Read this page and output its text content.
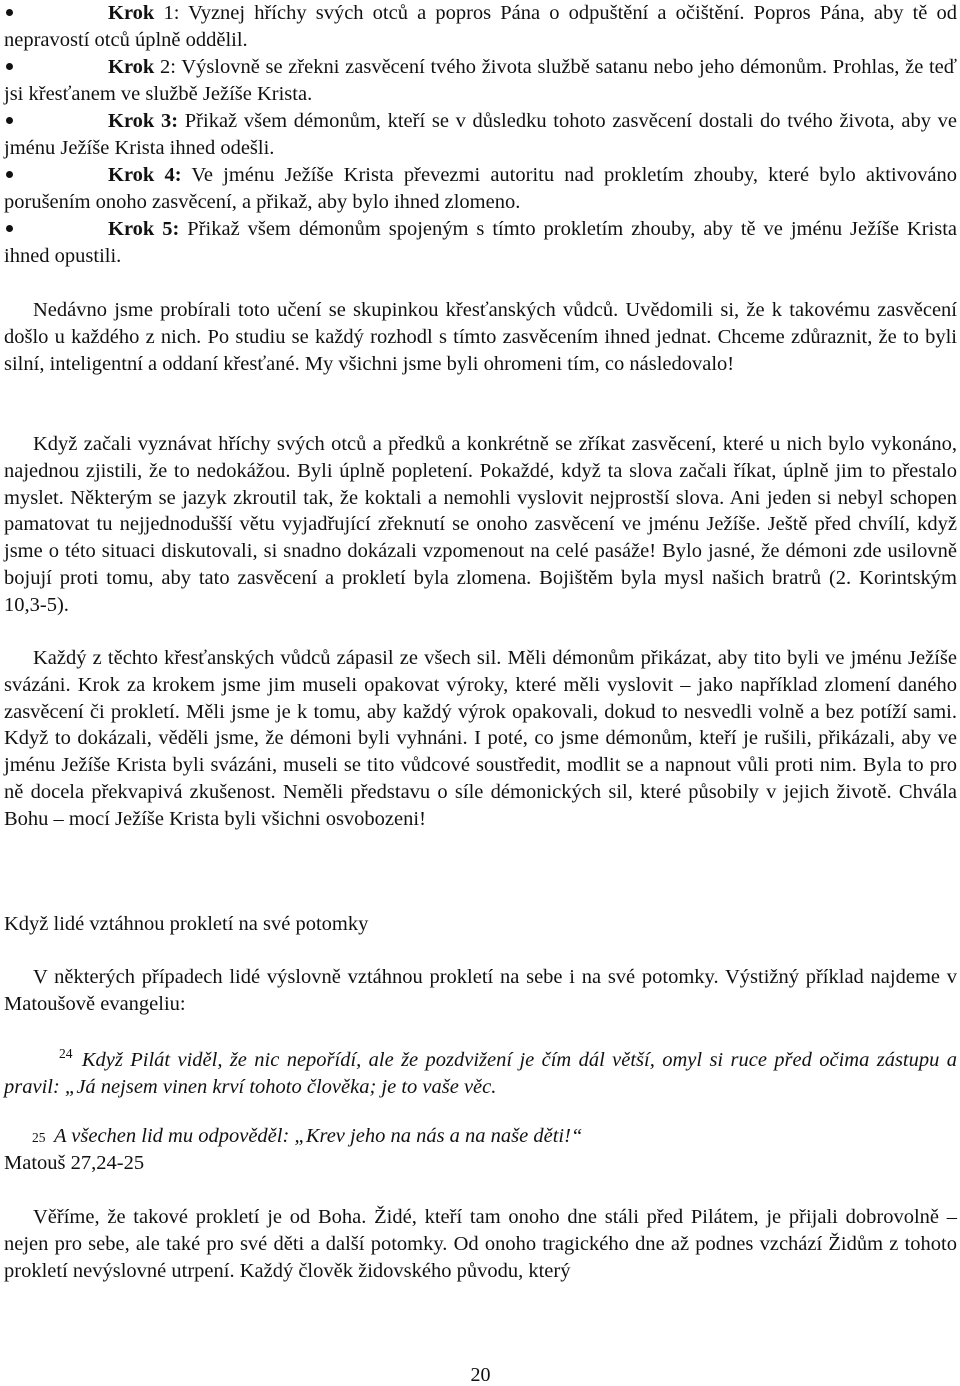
Krok 1: Vyznej hříchy svých otců a popros Pána o odpuštění a očištění. Popros Pána, aby tě od nepravostí otců úplně oddělil.
Krok 2: Výslovně se zřekni zasvěcení tvého života službě satanu nebo jeho démonům. Prohlas, že teď jsi křesťanem ve službě Ježíše Krista.
Krok 3: Přikaž všem démonům, kteří se v důsledku tohoto zasvěcení dostali do tvého života, aby ve jménu Ježíše Krista ihned odešli.
Krok 4: Ve jménu Ježíše Krista převezmi autoritu nad prokletím zhouby, které bylo aktivováno porušením onoho zasvěcení, a přikaž, aby bylo ihned zlomeno.
Krok 5: Přikaž všem démonům spojeným s tímto prokletím zhouby, aby tě ve jménu Ježíše Krista ihned opustili.
Nedávno jsme probírali toto učení se skupinkou křesťanských vůdců. Uvědomili si, že k takovému zasvěcení došlo u každého z nich. Po studiu se každý rozhodl s tímto zasvěcením ihned jednat. Chceme zdůraznit, že to byli silní, inteligentní a oddaní křesťané. My všichni jsme byli ohromeni tím, co následovalo!
Když začali vyznávat hříchy svých otců a předků a konkrétně se zříkat zasvěcení, které u nich bylo vykonáno, najednou zjistili, že to nedokážou. Byli úplně popletení. Pokaždé, když ta slova začali říkat, úplně jim to přestalo myslet. Některým se jazyk zkroutil tak, že koktali a nemohli vyslovit nejprostší slova. Ani jeden si nebyl schopen pamatovat tu nejjednodušší větu vyjadřující zřeknutí se onoho zasvěcení ve jménu Ježíše. Ještě před chvílí, když jsme o této situaci diskutovali, si snadno dokázali vzpomenout na celé pasáže! Bylo jasné, že démoni zde usilovně bojují proti tomu, aby tato zasvěcení a prokletí byla zlomena. Bojištěm byla mysl našich bratrů (2. Korintským 10,3-5).
Každý z těchto křesťanských vůdců zápasil ze všech sil. Měli démonům přikázat, aby tito byli ve jménu Ježíše svázáni. Krok za krokem jsme jim museli opakovat výroky, které měli vyslovit – jako například zlomení daného zasvěcení či prokletí. Měli jsme je k tomu, aby každý výrok opakovali, dokud to nesvedli volně a bez potíží sami. Když to dokázali, věděli jsme, že démoni byli vyhnáni. I poté, co jsme démonům, kteří je rušili, přikázali, aby ve jménu Ježíše Krista byli svázáni, museli se tito vůdcové soustředit, modlit se a napnout vůli proti nim. Byla to pro ně docela překvapivá zkušenost. Neměli představu o síle démonických sil, které působily v jejich životě. Chvála Bohu – mocí Ježíše Krista byli všichni osvobozeni!
Když lidé vztáhnou prokletí na své potomky
V některých případech lidé výslovně vztáhnou prokletí na sebe i na své potomky. Výstižný příklad najdeme v Matoušově evangeliu:
$^{24}$ Když Pilát viděl, že nic nepořídí, ale že pozdvižení je čím dál větší, omyl si ruce před očima zástupu a pravil: „Já nejsem vinen krví tohoto člověka; je to vaše věc.
25 A všechen lid mu odpověděl: „Krev jeho na nás a na naše děti!“
Matouš 27,24-25
Věříme, že takové prokletí je od Boha. Židé, kteří tam onoho dne stáli před Pilátem, je přijali dobrovolně – nejen pro sebe, ale také pro své děti a další potomky. Od onoho tragického dne až podnes vzchází Židům z tohoto prokletí nevýslovné utrpení. Každý člověk židovského původu, který
20
